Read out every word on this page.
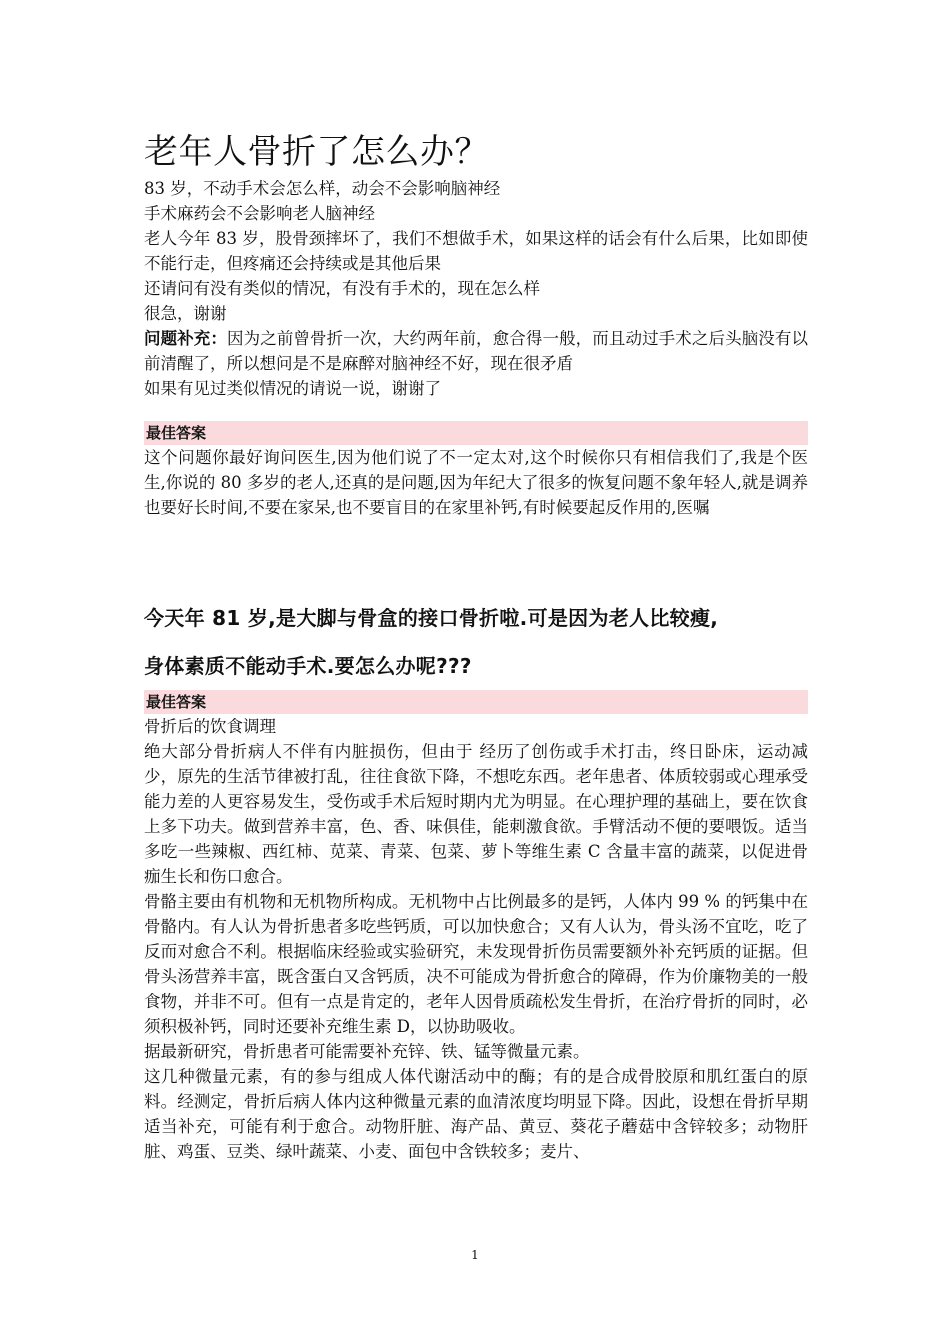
老年人骨折了怎么办？

83 岁，不动手术会怎么样，动会不会影响脑神经

手术麻药会不会影响老人脑神经

老人今年 83 岁，股骨颈摔坏了，我们不想做手术，如果这样的话会有什么后果，比如即使不能行走，但疼痛还会持续或是其他后果

还请问有没有类似的情况，有没有手术的，现在怎么样

很急，谢谢

问题补充：因为之前曾骨折一次，大约两年前，愈合得一般，而且动过手术之后头脑没有以前清醒了，所以想问是不是麻醉对脑神经不好，现在很矛盾

如果有见过类似情况的请说一说，谢谢了

最佳答案

这个问题你最好询问医生,因为他们说了不一定太对,这个时候你只有相信我们了,我是个医生,你说的 80 多岁的老人,还真的是问题,因为年纪大了很多的恢复问题不象年轻人,就是调养也要好长时间,不要在家呆,也不要盲目的在家里补钙,有时候要起反作用的,医嘱

今天年 81 岁,是大脚与骨盒的接口骨折啦.可是因为老人比较瘦,

身体素质不能动手术.要怎么办呢???

最佳答案

骨折后的饮食调理

绝大部分骨折病人不伴有内脏损伤，但由于 经历了创伤或手术打击，终日卧床，运动减少，原先的生活节律被打乱，往往食欲下降，不想吃东西。老年患者、体质较弱或心理承受能力差的人更容易发生，受伤或手术后短时期内尤为明显。在心理护理的基础上，要在饮食上多下功夫。做到营养丰富，色、香、味俱佳，能刺激食欲。手臂活动不便的要喂饭。适当多吃一些辣椒、西红柿、苋菜、青菜、包菜、萝卜等维生素 C 含量丰富的蔬菜，以促进骨痂生长和伤口愈合。

骨骼主要由有机物和无机物所构成。无机物中占比例最多的是钙，人体内 99 % 的钙集中在骨骼内。有人认为骨折患者多吃些钙质，可以加快愈合；又有人认为，骨头汤不宜吃，吃了反而对愈合不利。根据临床经验或实验研究，未发现骨折伤员需要额外补充钙质的证据。但骨头汤营养丰富，既含蛋白又含钙质，决不可能成为骨折愈合的障碍，作为价廉物美的一般食物，并非不可。但有一点是肯定的，老年人因骨质疏松发生骨折，在治疗骨折的同时，必须积极补钙，同时还要补充维生素 D，以协助吸收。

据最新研究，骨折患者可能需要补充锌、铁、锰等微量元素。

这几种微量元素，有的参与组成人体代谢活动中的酶；有的是合成骨胶原和肌红蛋白的原料。经测定，骨折后病人体内这种微量元素的血清浓度均明显下降。因此，设想在骨折早期适当补充，可能有利于愈合。动物肝脏、海产品、黄豆、葵花子蘑菇中含锌较多；动物肝脏、鸡蛋、豆类、绿叶蔬菜、小麦、面包中含铁较多；麦片、

1
